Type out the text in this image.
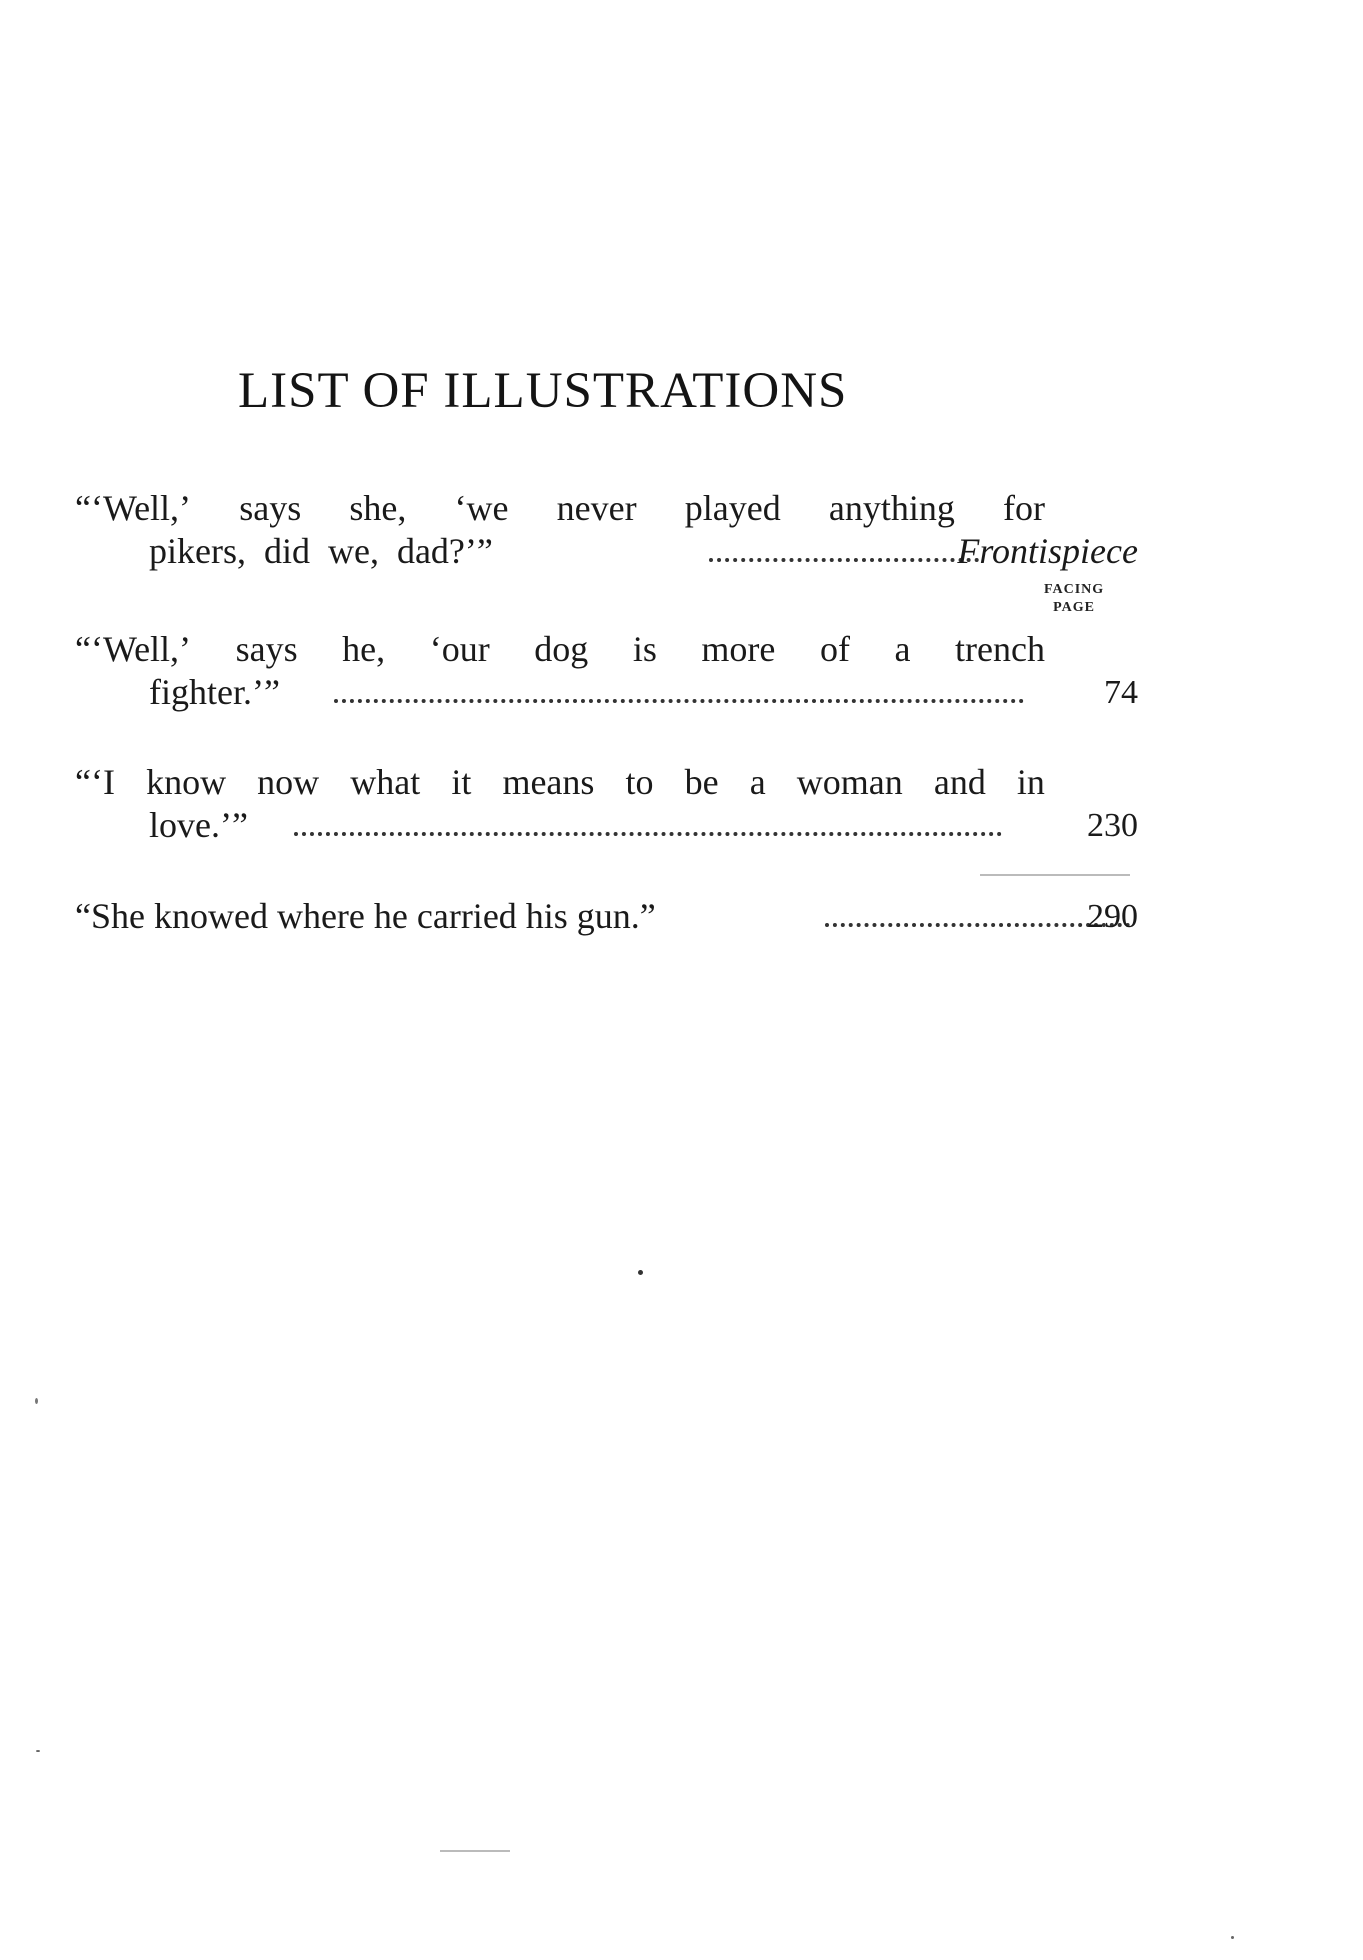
LIST OF ILLUSTRATIONS
“‘Well,’ says she, ‘we never played anything for
pikers,  did  we,  dad?’”	Frontispiece
FACING
PAGE
“‘Well,’ says he, ‘our dog is more of a trench
fighter.’”	74
“‘I know now what it means to be a woman and in
love.’”	230
“She knowed where he carried his gun.”	290
